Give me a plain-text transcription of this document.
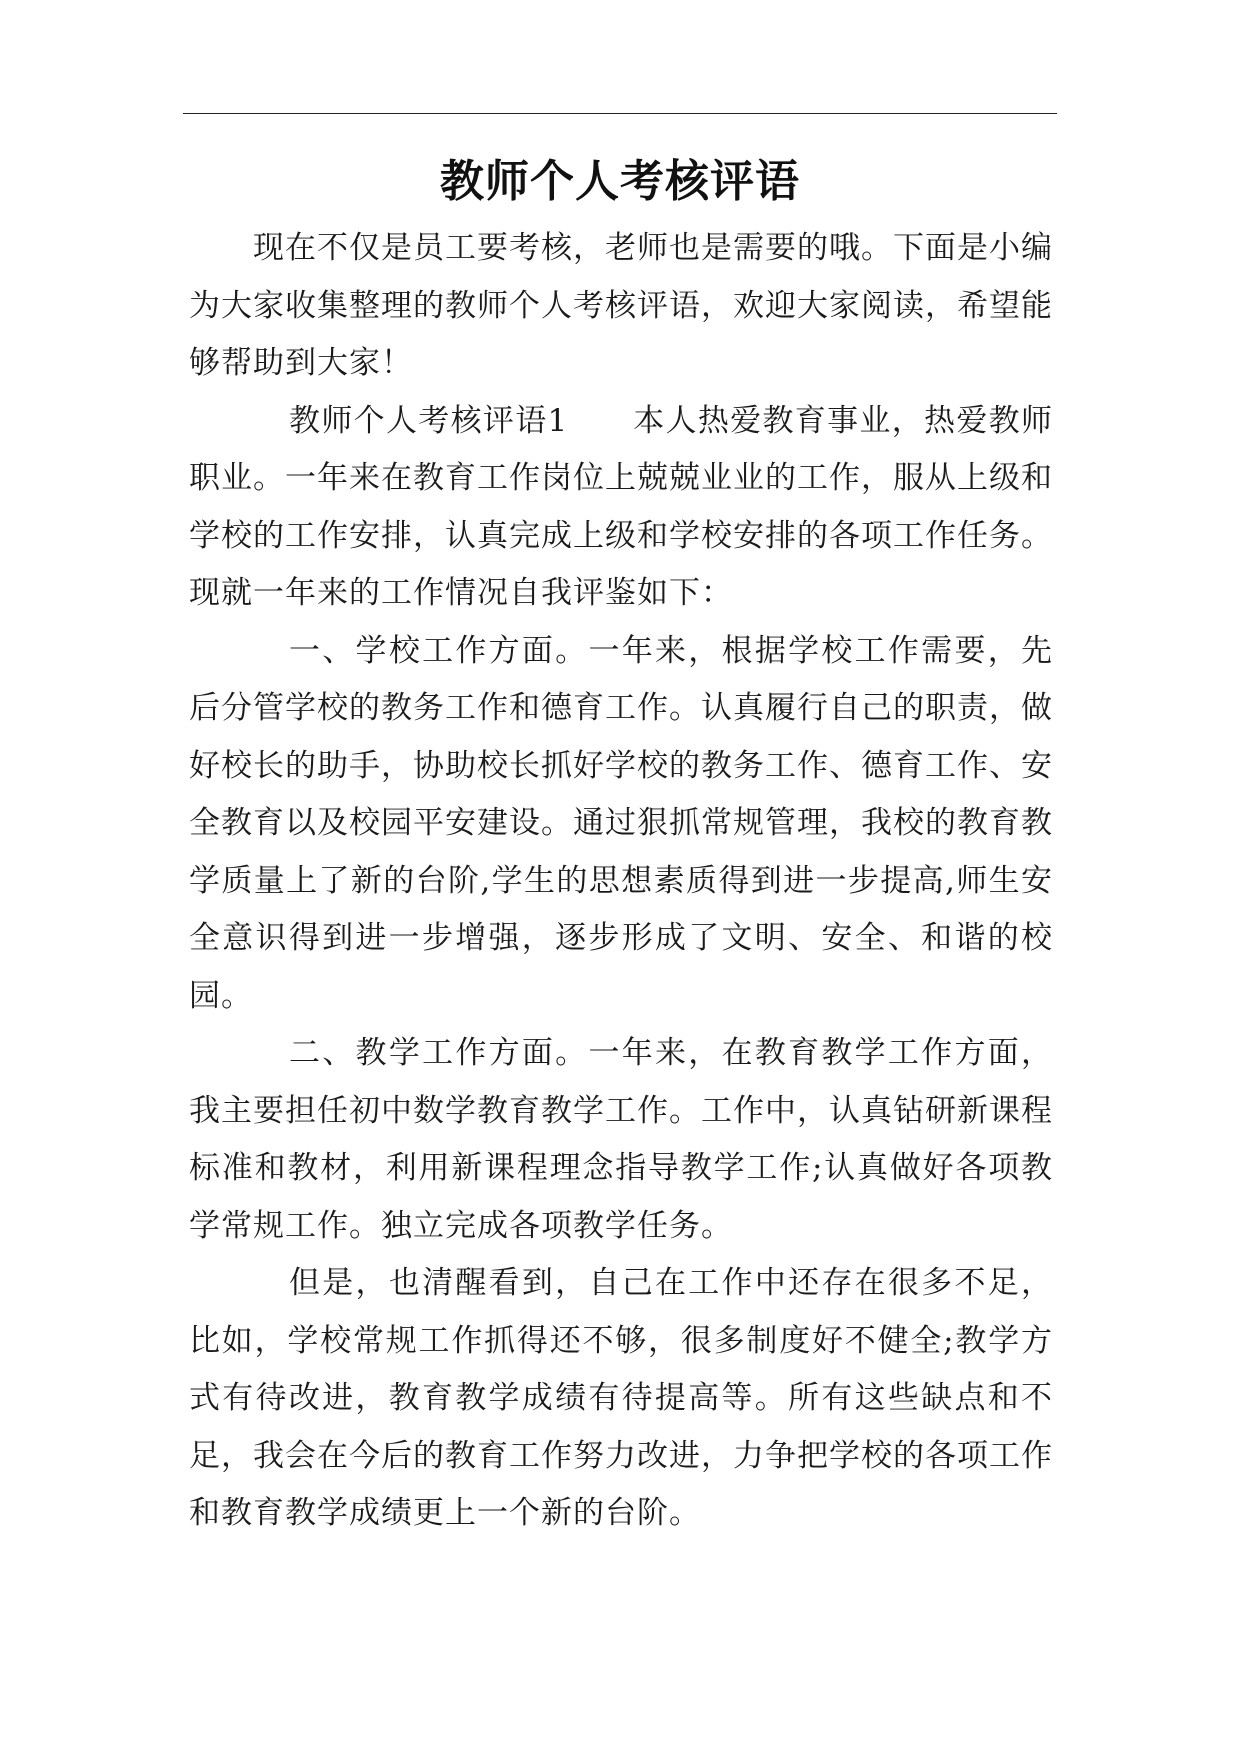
教师个人考核评语

现在不仅是员工要考核，老师也是需要的哦。下面是小编为大家收集整理的教师个人考核评语，欢迎大家阅读，希望能够帮助到大家！

教师个人考核评语1　　本人热爱教育事业，热爱教师职业。一年来在教育工作岗位上兢兢业业的工作，服从上级和学校的工作安排，认真完成上级和学校安排的各项工作任务。现就一年来的工作情况自我评鉴如下：

一、学校工作方面。一年来，根据学校工作需要，先后分管学校的教务工作和德育工作。认真履行自己的职责，做好校长的助手，协助校长抓好学校的教务工作、德育工作、安全教育以及校园平安建设。通过狠抓常规管理，我校的教育教学质量上了新的台阶,学生的思想素质得到进一步提高,师生安全意识得到进一步增强，逐步形成了文明、安全、和谐的校园。

二、教学工作方面。一年来，在教育教学工作方面，我主要担任初中数学教育教学工作。工作中，认真钻研新课程标准和教材，利用新课程理念指导教学工作;认真做好各项教学常规工作。独立完成各项教学任务。

但是，也清醒看到，自己在工作中还存在很多不足，比如，学校常规工作抓得还不够，很多制度好不健全;教学方式有待改进，教育教学成绩有待提高等。所有这些缺点和不足，我会在今后的教育工作努力改进，力争把学校的各项工作和教育教学成绩更上一个新的台阶。
